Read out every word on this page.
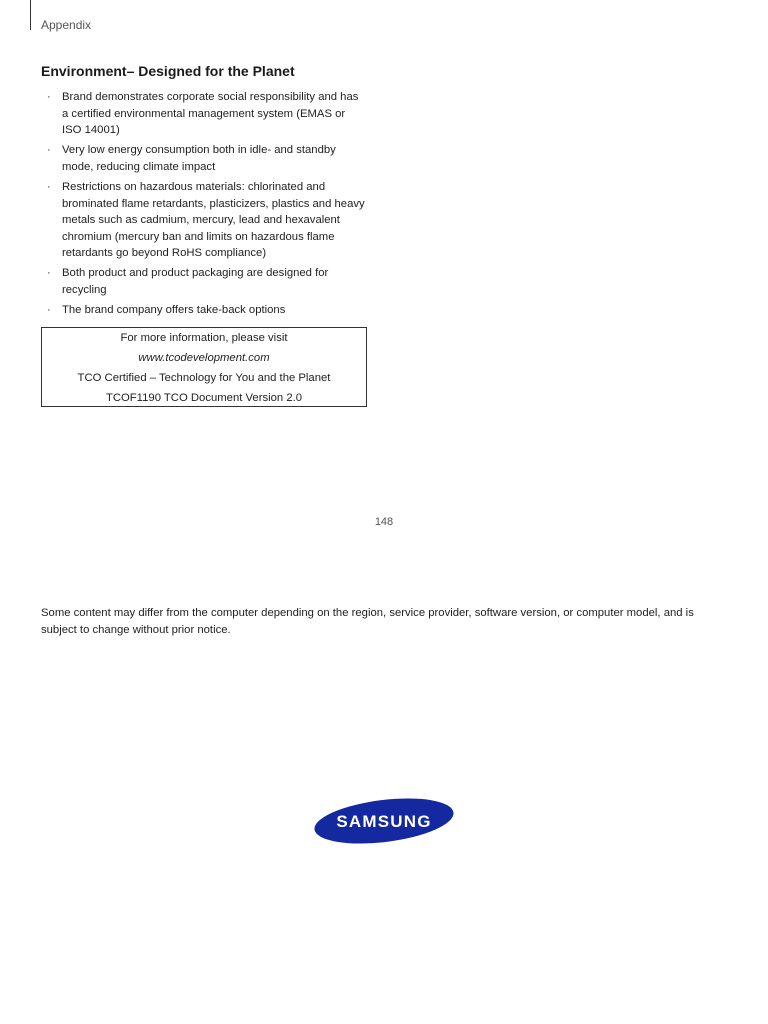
Appendix
Environment– Designed for the Planet
· Brand demonstrates corporate social responsibility and has a certified environmental management system (EMAS or ISO 14001)
· Very low energy consumption both in idle- and standby mode, reducing climate impact
· Restrictions on hazardous materials: chlorinated and brominated flame retardants, plasticizers, plastics and heavy metals such as cadmium, mercury, lead and hexavalent chromium (mercury ban and limits on hazardous flame retardants go beyond RoHS compliance)
· Both product and product packaging are designed for recycling
· The brand company offers take-back options
For more information, please visit
www.tcodevelopment.com
TCO Certified – Technology for You and the Planet
TCOF1190 TCO Document Version 2.0
148
Some content may differ from the computer depending on the region, service provider, software version, or computer model, and is subject to change without prior notice.
SAMSUNG
